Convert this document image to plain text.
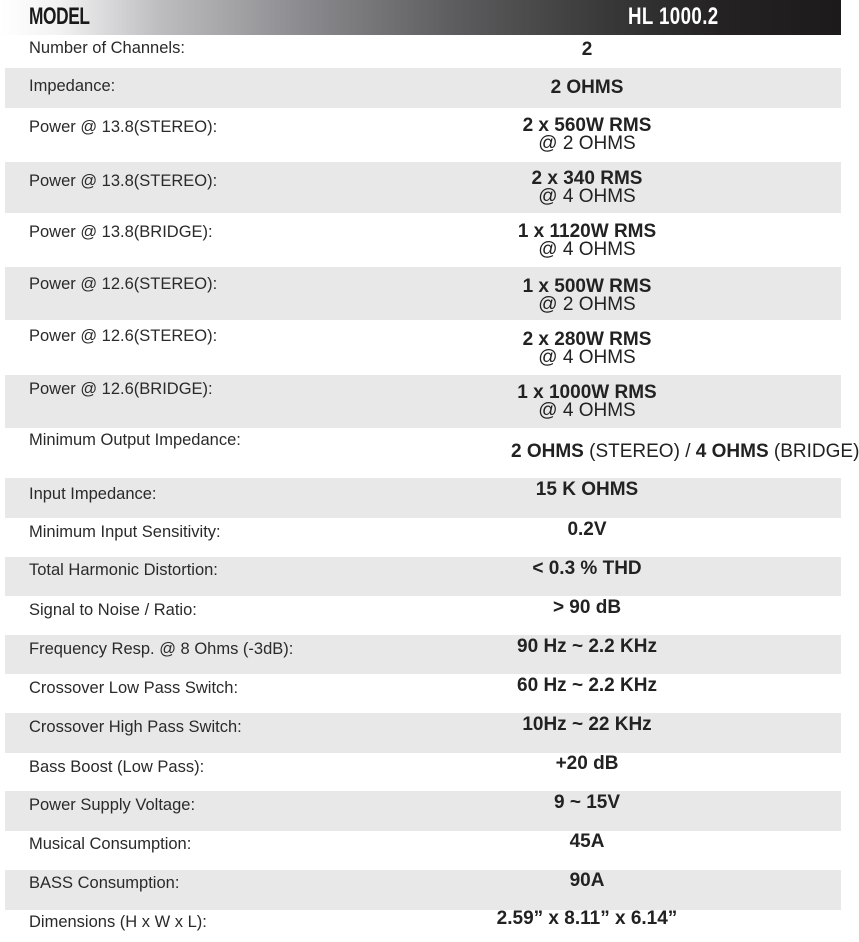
MODEL	HL 1000.2
Number of Channels:	2
Impedance:	2 OHMS
Power @ 13.8(STEREO):	2 x 560W RMS
@ 2 OHMS
Power @ 13.8(STEREO):	2 x 340 RMS
@ 4 OHMS
Power @ 13.8(BRIDGE):	1 x 1120W RMS
@ 4 OHMS
Power @ 12.6(STEREO):	1 x 500W RMS
@ 2 OHMS
Power @ 12.6(STEREO):	2 x 280W RMS
@ 4 OHMS
Power @ 12.6(BRIDGE):	1 x 1000W RMS
@ 4 OHMS
Minimum Output Impedance:
2 OHMS (STEREO) / 4 OHMS (BRIDGE)
Input Impedance:	15 K OHMS
Minimum Input Sensitivity:	0.2V
Total Harmonic Distortion:	< 0.3 % THD
Signal to Noise / Ratio:	> 90 dB
Frequency Resp. @ 8 Ohms (-3dB):	90 Hz ~ 2.2 KHz
Crossover Low Pass Switch:	60 Hz ~ 2.2 KHz
Crossover High Pass Switch:	10Hz ~ 22 KHz
Bass Boost (Low Pass):	+20 dB
Power Supply Voltage:	9 ~ 15V
Musical Consumption:	45A
BASS Consumption:	90A
Dimensions (H x W x L):	2.59” x 8.11” x 6.14”
